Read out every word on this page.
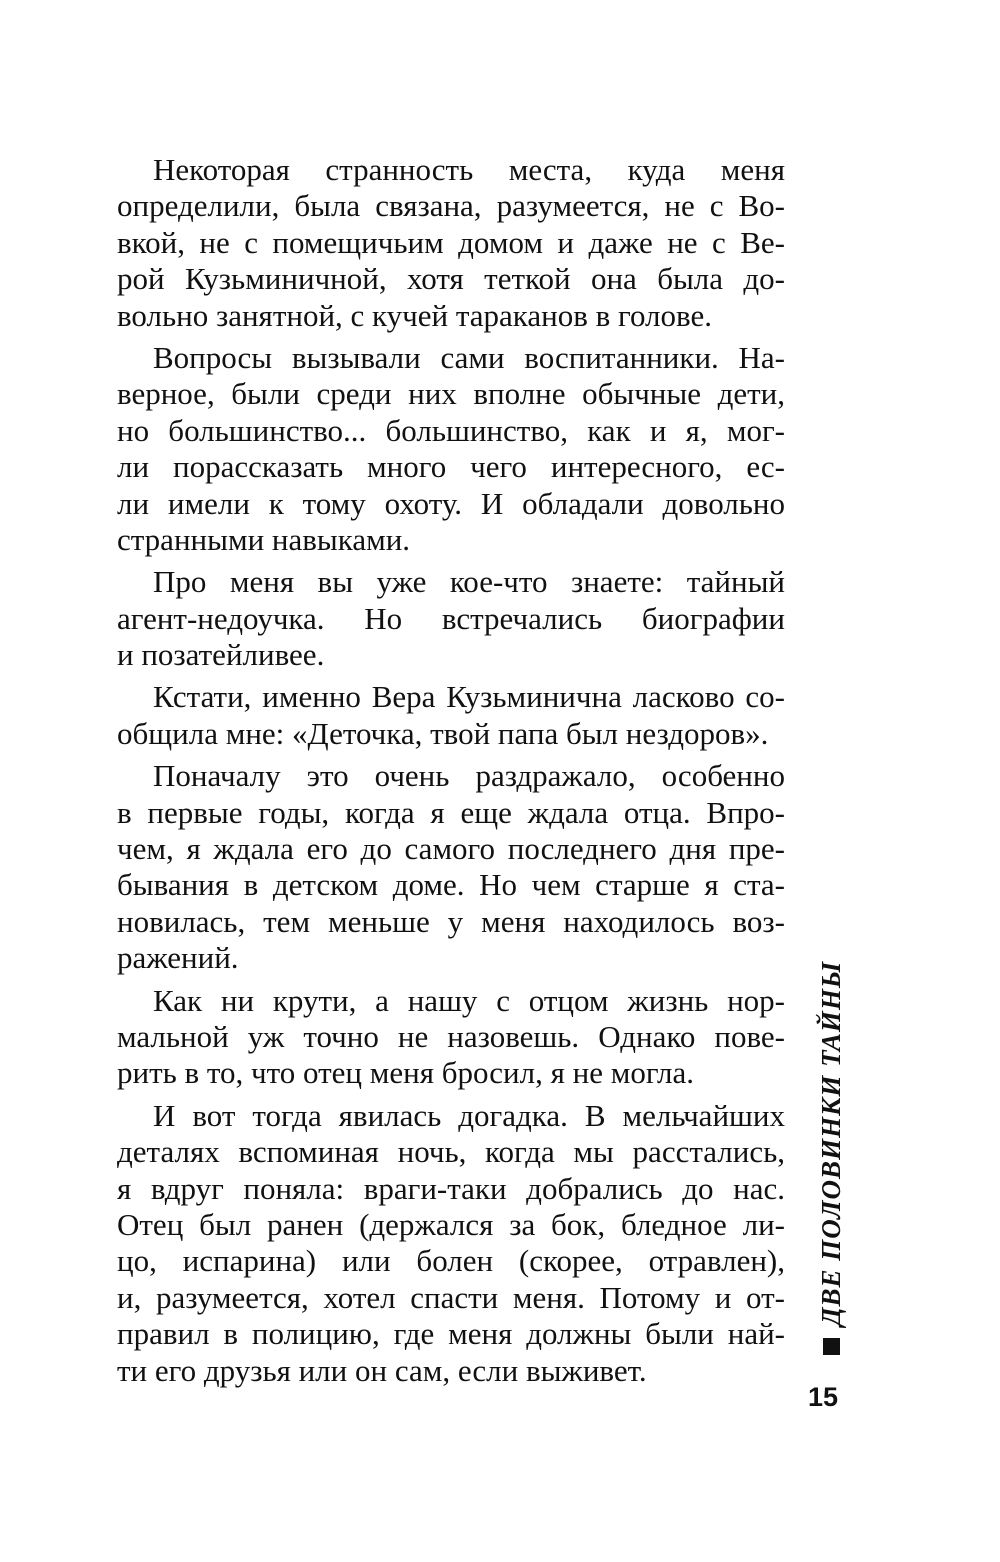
Некоторая странность места, куда меня
определили, была связана, разумеется, не с Во-
вкой, не с помещичьим домом и даже не с Ве-
рой Кузьминичной, хотя теткой она была до-
вольно занятной, с кучей тараканов в голове.
Вопросы вызывали сами воспитанники. На-
верное, были среди них вполне обычные дети,
но большинство... большинство, как и я, мог-
ли порассказать много чего интересного, ес-
ли имели к тому охоту. И обладали довольно
странными навыками.
Про меня вы уже кое-что знаете: тайный
агент-недоучка. Но встречались биографии
и позатейливее.
Кстати, именно Вера Кузьминична ласково со-
общила мне: «Деточка, твой папа был нездоров».
Поначалу это очень раздражало, особенно
в первые годы, когда я еще ждала отца. Впро-
чем, я ждала его до самого последнего дня пре-
бывания в детском доме. Но чем старше я ста-
новилась, тем меньше у меня находилось воз-
ражений.
Как ни крути, а нашу с отцом жизнь нор-
мальной уж точно не назовешь. Однако пове-
рить в то, что отец меня бросил, я не могла.
И вот тогда явилась догадка. В мельчайших
деталях вспоминая ночь, когда мы расстались,
я вдруг поняла: враги-таки добрались до нас.
Отец был ранен (держался за бок, бледное ли-
цо, испарина) или болен (скорее, отравлен),
и, разумеется, хотел спасти меня. Потому и от-
правил в полицию, где меня должны были най-
ти его друзья или он сам, если выживет.
ДВЕ ПОЛОВИНКИ ТАЙНЫ
15
